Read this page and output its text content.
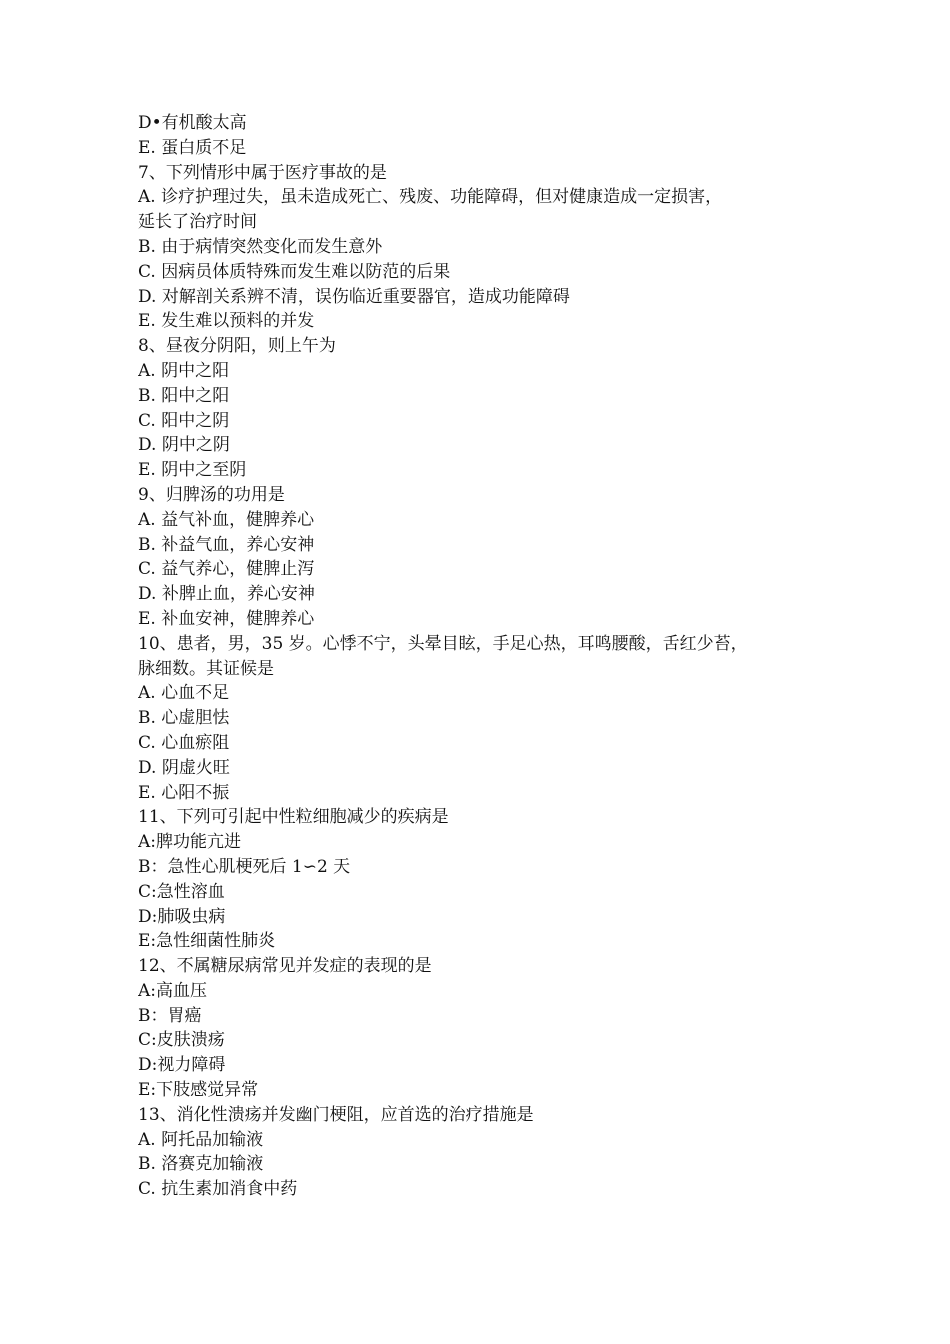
D•有机酸太高
E. 蛋白质不足
7、下列情形中属于医疗事故的是
A. 诊疗护理过失，虽未造成死亡、残废、功能障碍，但对健康造成一定损害，
延长了治疗时间
B. 由于病情突然变化而发生意外
C. 因病员体质特殊而发生难以防范的后果
D. 对解剖关系辨不清，误伤临近重要器官，造成功能障碍
E. 发生难以预料的并发
8、昼夜分阴阳，则上午为
A. 阴中之阳
B. 阳中之阳
C. 阳中之阴
D. 阴中之阴
E. 阴中之至阴
9、归脾汤的功用是
A. 益气补血，健脾养心
B. 补益气血，养心安神
C. 益气养心，健脾止泻
D. 补脾止血，养心安神
E. 补血安神，健脾养心
10、患者，男，35 岁。心悸不宁，头晕目眩，手足心热，耳鸣腰酸，舌红少苔，
脉细数。其证候是
A. 心血不足
B. 心虚胆怯
C. 心血瘀阻
D. 阴虚火旺
E. 心阳不振
11、下列可引起中性粒细胞减少的疾病是
A:脾功能亢进
B：急性心肌梗死后 1∽2 天
C:急性溶血
D:肺吸虫病
E:急性细菌性肺炎
12、不属糖尿病常见并发症的表现的是
A:高血压
B：胃癌
C:皮肤溃疡
D:视力障碍
E:下肢感觉异常
13、消化性溃疡并发幽门梗阻，应首选的治疗措施是
A. 阿托品加输液
B. 洛赛克加输液
C. 抗生素加消食中药
